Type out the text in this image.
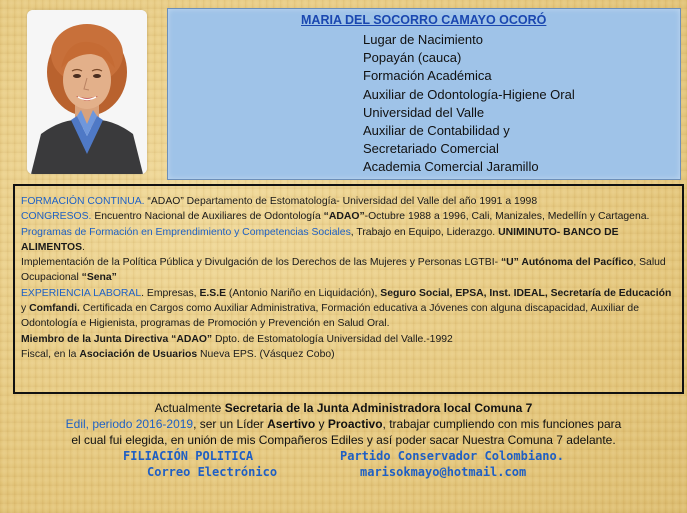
MARIA DEL SOCORRO CAMAYO OCORÓ
Lugar de Nacimiento
Popayán (cauca)
Formación Académica
Auxiliar de Odontología-Higiene Oral
Universidad del Valle
Auxiliar de Contabilidad y
Secretariado Comercial
Academia Comercial Jaramillo

FORMACIÓN CONTINUA. “ADAO” Departamento de Estomatología- Universidad del Valle del año 1991 a 1998

CONGRESOS. Encuentro Nacional de Auxiliares de Odontología “ADAO”-Octubre 1988 a 1996, Cali, Manizales, Medellín y Cartagena.

Programas de Formación en Emprendimiento y Competencias Sociales, Trabajo en Equipo, Liderazgo. UNIMINUTO- BANCO DE ALIMENTOS.

Implementación de la Política Pública y Divulgación de los Derechos de las Mujeres y Personas LGTBI- “U” Autónoma del Pacífico, Salud Ocupacional “Sena”

EXPERIENCIA LABORAL. Empresas, E.S.E (Antonio Nariño en Liquidación), Seguro Social, EPSA, Inst. IDEAL, Secretaría de Educación y Comfandi. Certificada en Cargos como Auxiliar Administrativa, Formación educativa a Jóvenes con alguna discapacidad, Auxiliar de Odontología e Higienista, programas de Promoción y Prevención en Salud Oral.

Miembro de la Junta Directiva “ADAO” Dpto. de Estomatología Universidad del Valle.-1992

Fiscal, en la Asociación de Usuarios Nueva EPS. (Vásquez Cobo)

Actualmente Secretaria de la Junta Administradora local Comuna 7
Edil, periodo 2016-2019, ser un Líder Asertivo y Proactivo, trabajar cumpliendo con mis funciones para
el cual fui elegida, en unión de mis Compañeros Ediles y así poder sacar Nuestra Comuna 7 adelante.
FILIACIÓN POLITICA	Partido Conservador Colombiano.
Correo Electrónico	marisokmayo@hotmail.com
